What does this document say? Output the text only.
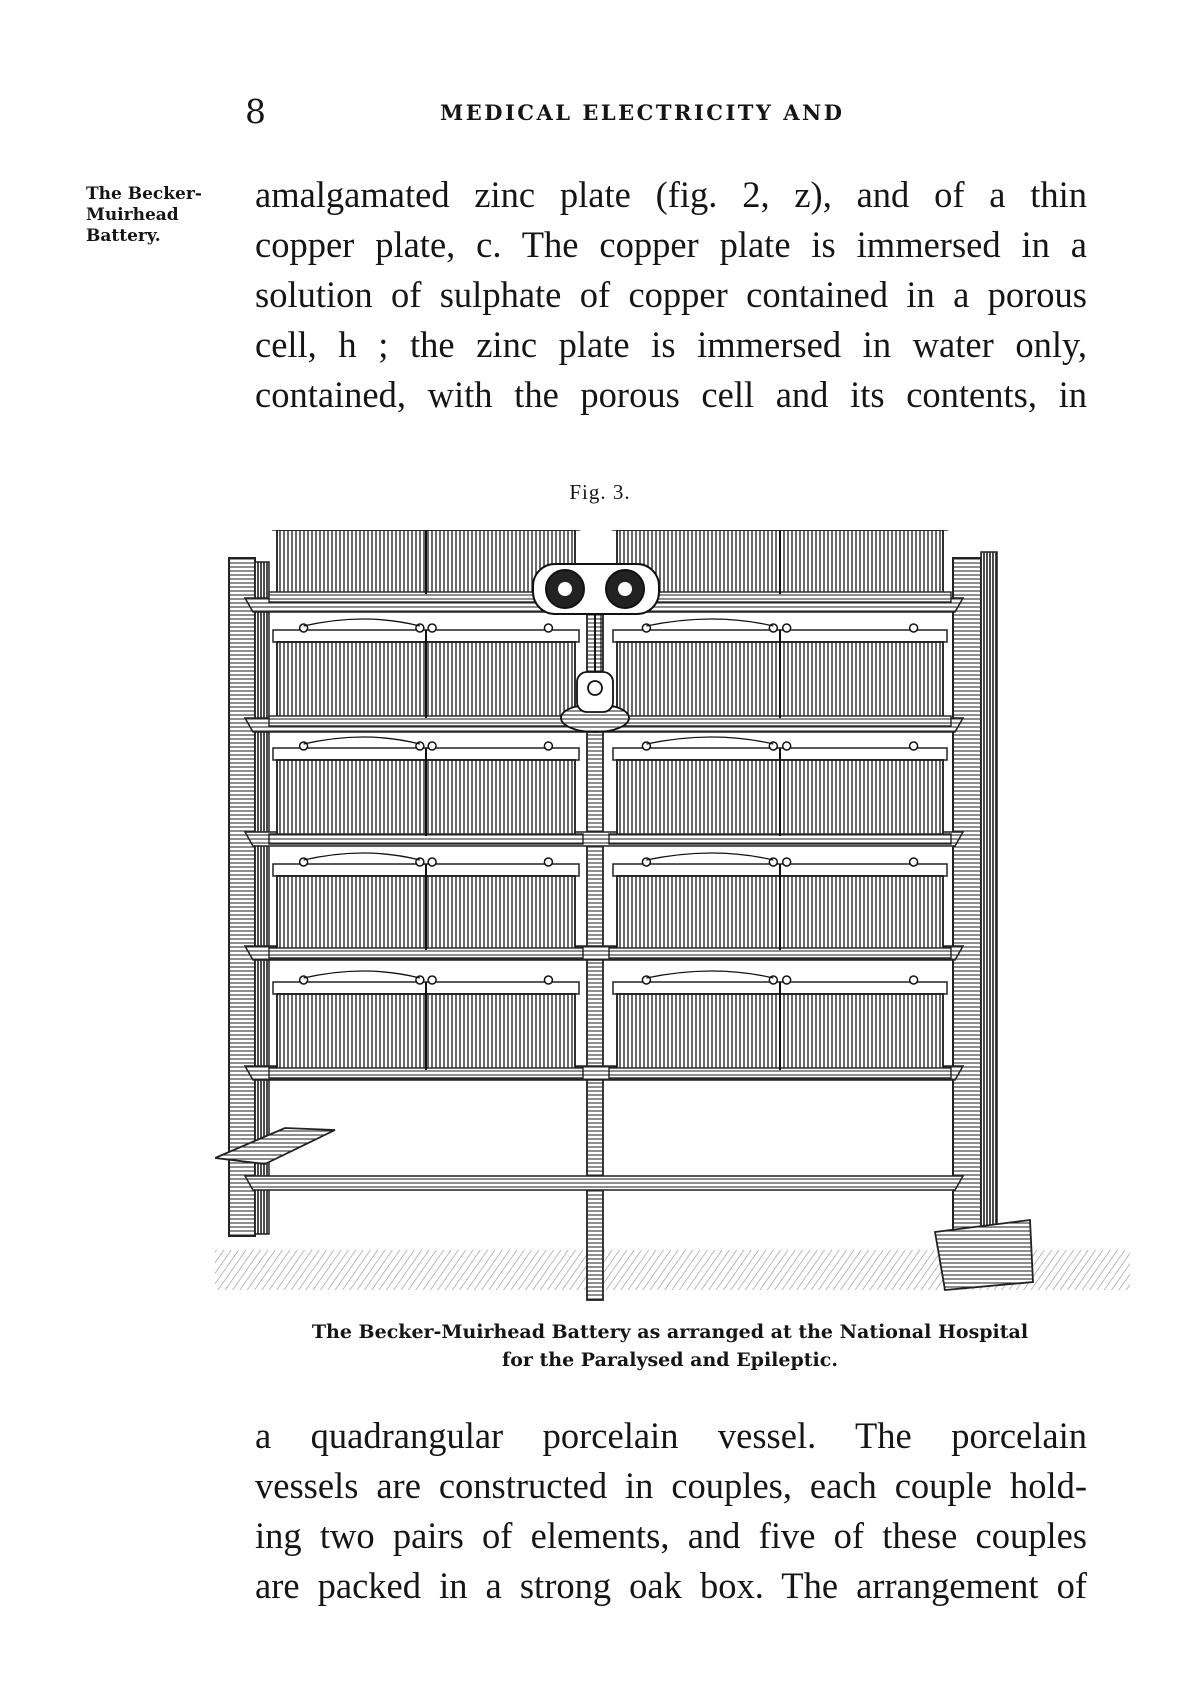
8	MEDICAL ELECTRICITY AND
The Becker-
Muirhead
Battery.
amalgamated zinc plate (fig. 2, z), and of a thin
copper plate, c. The copper plate is immersed in a
solution of sulphate of copper contained in a porous
cell, h ; the zinc plate is immersed in water only,
contained, with the porous cell and its contents, in
Fig. 3.
The Becker-Muirhead Battery as arranged at the National Hospital
for the Paralysed and Epileptic.
a quadrangular porcelain vessel. The porcelain
vessels are constructed in couples, each couple hold-
ing two pairs of elements, and five of these couples
are packed in a strong oak box. The arrangement of
